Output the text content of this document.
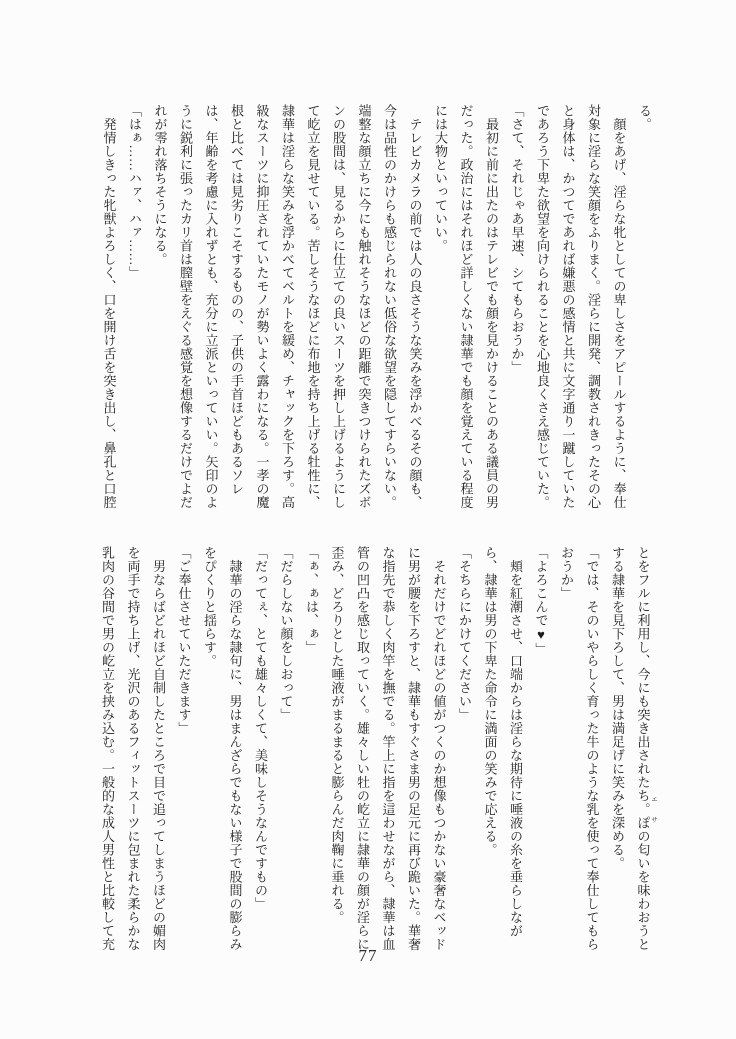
る。

　顔をあげ、淫らな牝としての卑しさをアピールするように、奉仕

対象に淫らな笑顔をふりまく。淫らに開発、調教されきったその心

と身体は、かつてであれば嫌悪の感情と共に文字通り一蹴していた

であろう下卑た欲望を向けられることを心地良くさえ感じていた。

「さて、それじゃあ早速、シてもらおうか」

　最初に前に出たのはテレビでも顔を見かけることのある議員の男

だった。政治にはそれほど詳しくない隷華でも顔を覚えている程度

には大物といっていい。

　テレビカメラの前では人の良さそうな笑みを浮かべるその顔も、

今は品性のかけらも感じられない低俗な欲望を隠してすらいない。

端整な顔立ちに今にも触れそうなほどの距離で突きつけられたズボ

ンの股間は、見るからに仕立ての良いスーツを押し上げるようにし

て屹立を見せている。苦しそうなほどに布地を持ち上げる牡性に、

隷華は淫らな笑みを浮かべてベルトを緩め、チャックを下ろす。高

級なスーツに抑圧されていたモノが勢いよく露わになる。一孝の魔

根と比べては見劣りこそするものの、子供の手首ほどもあるソレ

は、年齢を考慮に入れずとも、充分に立派といっていい。矢印のよ

うに鋭利に張ったカリ首は膣壁をえぐる感覚を想像するだけでよだ

れが零れ落ちそうになる。

「はぁ……ハァ、ハァ……」

　発情しきった牝獣よろしく、口を開け舌を突き出し、鼻孔と口腔

とをフルに利用し、今にも突き出されたち。ぽ エサの匂いを味わおうと

する隷華を見下ろして、男は満足げに笑みを深める。

「では、そのいやらしく育った牛のような乳を使って奉仕してもら

おうか」

「よろこんで♥」

　頬を紅潮させ、口端からは淫らな期待に唾液の糸を垂らしなが

ら、隷華は男の下卑た命令に満面の笑みで応える。

「そちらにかけてください」

　それだけでどれほどの値がつくのか想像もつかない豪奢なベッド

に男が腰を下ろすと、隷華もすぐさま男の足元に再び跪いた。華奢

な指先で恭しく肉竿を撫でる。竿上に指を這わせながら、隷華は血

管の凹凸を感じ取っていく。雄々しい牡の屹立に隷華の顔が淫らに

歪み、どろりとした唾液がまるまると膨らんだ肉鞠に垂れる。

「ぁ、ぁは、ぁ」

「だらしない顔をしおって」

「だってぇ、とても雄々しくて、美味しそうなんですもの」

　隷華の淫らな隷句に、男はまんざらでもない様子で股間の膨らみ

をぴくりと揺らす。

「ご奉仕させていただきます」

　男ならばどれほど自制したところで目で追ってしまうほどの媚肉

を両手で持ち上げ、光沢のあるフィットスーツに包まれた柔らかな

乳肉の谷間で男の屹立を挟み込む。一般的な成人男性と比較して充

77
